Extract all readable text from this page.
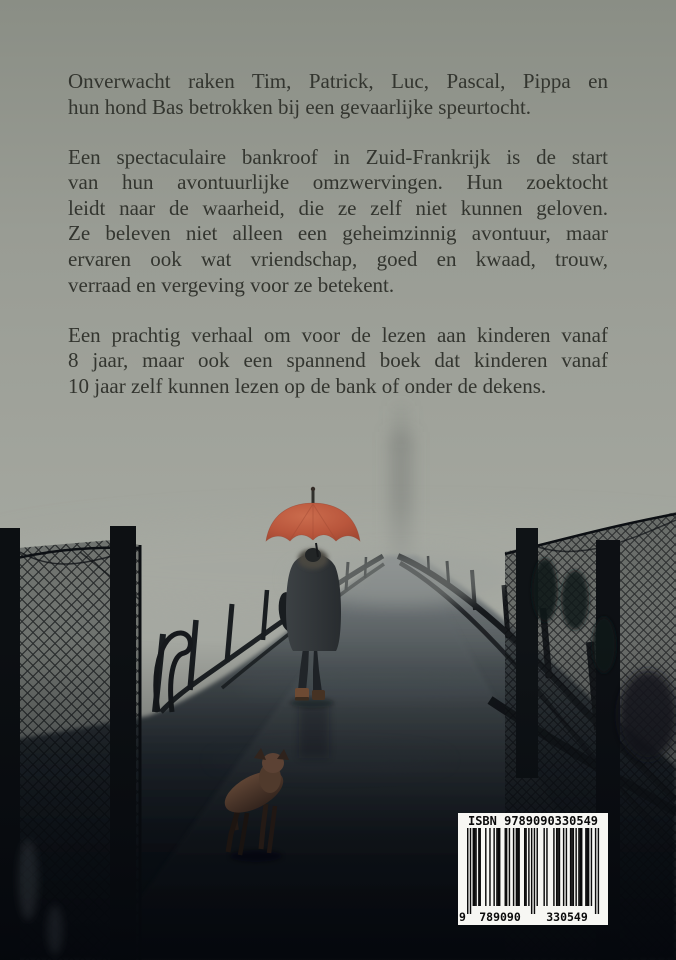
Onverwacht raken Tim, Patrick, Luc, Pascal, Pippa en
hun hond Bas betrokken bij een gevaarlijke speurtocht.
Een spectaculaire bankroof in Zuid-Frankrijk is de start
van hun avontuurlijke omzwervingen. Hun zoektocht
leidt naar de waarheid, die ze zelf niet kunnen geloven.
Ze beleven niet alleen een geheimzinnig avontuur, maar
ervaren ook wat vriendschap, goed en kwaad, trouw,
verraad en vergeving voor ze betekent.
Een prachtig verhaal om voor de lezen aan kinderen vanaf
8 jaar, maar ook een spannend boek dat kinderen vanaf
10 jaar zelf kunnen lezen op de bank of onder de dekens.
ISBN 9789090330549
9	789090	330549
